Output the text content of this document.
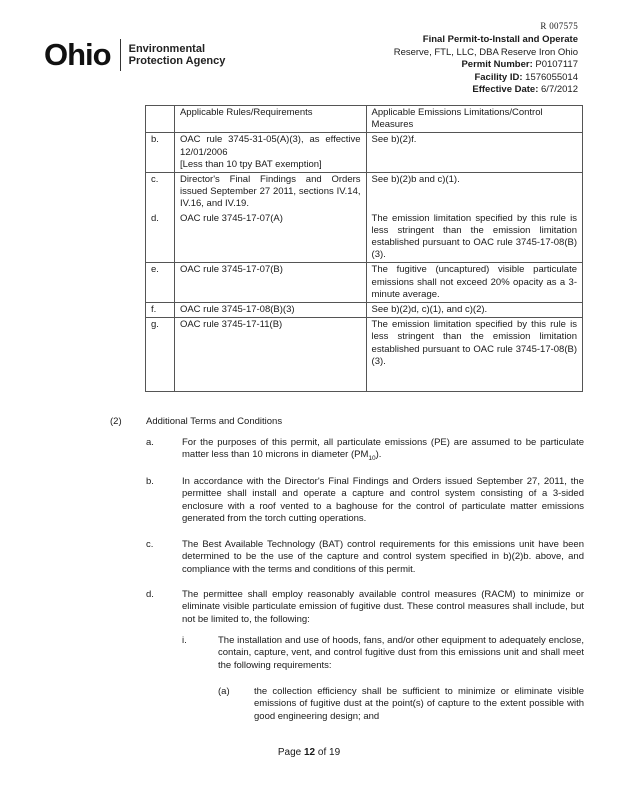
R 007575
Ohio Environmental
Protection Agency
Final Permit-to-Install and Operate
Reserve, FTL, LLC, DBA Reserve Iron Ohio
Permit Number: P0107117
Facility ID: 1576055014
Effective Date: 6/7/2012
	Applicable Rules/Requirements	Applicable Emissions Limitations/Control Measures
b.	OAC rule 3745-31-05(A)(3), as effective 12/01/2006
[Less than 10 tpy BAT exemption]	See b)(2)f.
c.	Director's Final Findings and Orders issued September 27 2011, sections IV.14, IV.16, and IV.19.	See b)(2)b and c)(1).
d.	OAC rule 3745-17-07(A)	The emission limitation specified by this rule is less stringent than the emission limitation established pursuant to OAC rule 3745-17-08(B)(3).
e.	OAC rule 3745-17-07(B)	The fugitive (uncaptured) visible particulate emissions shall not exceed 20% opacity as a 3-minute average.
f.	OAC rule 3745-17-08(B)(3)	See b)(2)d, c)(1), and c)(2).
g.	OAC rule 3745-17-11(B)	The emission limitation specified by this rule is less stringent than the emission limitation established pursuant to OAC rule 3745-17-08(B)(3).
(2)	Additional Terms and Conditions
a.	For the purposes of this permit, all particulate emissions (PE) are assumed to be particulate matter less than 10 microns in diameter $(PM_{10})$.
b.	In accordance with the Director's Final Findings and Orders issued September 27, 2011, the permittee shall install and operate a capture and control system consisting of a 3-sided enclosure with a roof vented to a baghouse for the control of particulate matter emissions generated from the torch cutting operations.
c.	The Best Available Technology (BAT) control requirements for this emissions unit have been determined to be the use of the capture and control system specified in b)(2)b. above, and compliance with the terms and conditions of this permit.
d.	The permittee shall employ reasonably available control measures (RACM) to minimize or eliminate visible particulate emission of fugitive dust. These control measures shall include, but not be limited to, the following:
i.	The installation and use of hoods, fans, and/or other equipment to adequately enclose, contain, capture, vent, and control fugitive dust from this emissions unit and shall meet the following requirements:
(a)	the collection efficiency shall be sufficient to minimize or eliminate visible emissions of fugitive dust at the point(s) of capture to the extent possible with good engineering design; and
Page 12 of 19
